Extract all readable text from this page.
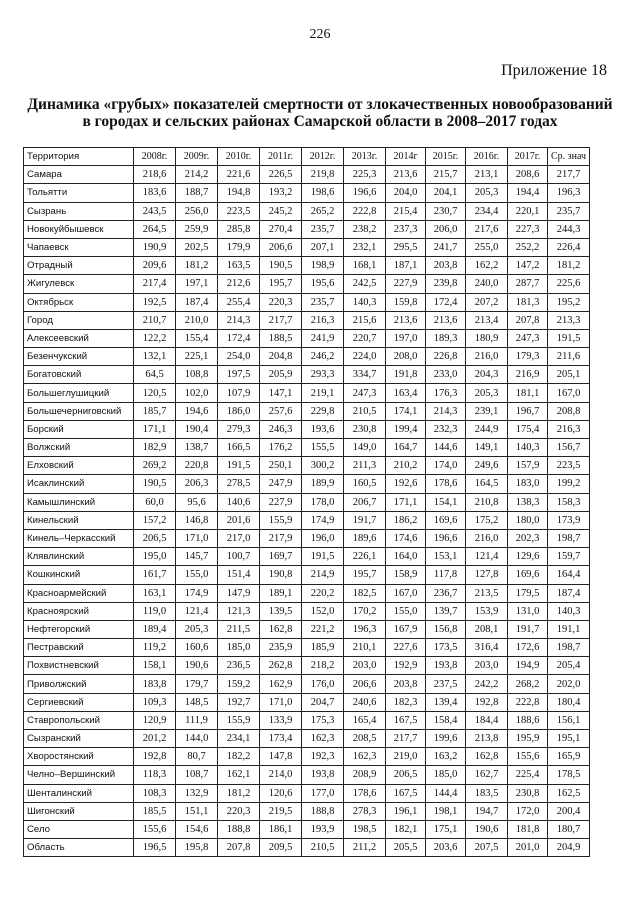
226
Приложение 18
Динамика «грубых» показателей смертности от злокачественных новообразований
в городах и сельских районах Самарской области в 2008–2017 годах
Территория	2008г.	2009г.	2010г.	2011г.	2012г.	2013г.	2014г	2015г.	2016г.	2017г.	Ср. знач
Самара	218,6	214,2	221,6	226,5	219,8	225,3	213,6	215,7	213,1	208,6	217,7
Тольятти	183,6	188,7	194,8	193,2	198,6	196,6	204,0	204,1	205,3	194,4	196,3
Сызрань	243,5	256,0	223,5	245,2	265,2	222,8	215,4	230,7	234,4	220,1	235,7
Новокуйбышевск	264,5	259,9	285,8	270,4	235,7	238,2	237,3	206,0	217,6	227,3	244,3
Чапаевск	190,9	202,5	179,9	206,6	207,1	232,1	295,5	241,7	255,0	252,2	226,4
Отрадный	209,6	181,2	163,5	190,5	198,9	168,1	187,1	203,8	162,2	147,2	181,2
Жигулевск	217,4	197,1	212,6	195,7	195,6	242,5	227,9	239,8	240,0	287,7	225,6
Октябрьск	192,5	187,4	255,4	220,3	235,7	140,3	159,8	172,4	207,2	181,3	195,2
Город	210,7	210,0	214,3	217,7	216,3	215,6	213,6	213,6	213,4	207,8	213,3
Алексеевский	122,2	155,4	172,4	188,5	241,9	220,7	197,0	189,3	180,9	247,3	191,5
Безенчукский	132,1	225,1	254,0	204,8	246,2	224,0	208,0	226,8	216,0	179,3	211,6
Богатовский	64,5	108,8	197,5	205,9	293,3	334,7	191,8	233,0	204,3	216,9	205,1
Большеглушицкий	120,5	102,0	107,9	147,1	219,1	247,3	163,4	176,3	205,3	181,1	167,0
Большечерниговский	185,7	194,6	186,0	257,6	229,8	210,5	174,1	214,3	239,1	196,7	208,8
Борский	171,1	190,4	279,3	246,3	193,6	230,8	199,4	232,3	244,9	175,4	216,3
Волжский	182,9	138,7	166,5	176,2	155,5	149,0	164,7	144,6	149,1	140,3	156,7
Елховский	269,2	220,8	191,5	250,1	300,2	211,3	210,2	174,0	249,6	157,9	223,5
Исаклинский	190,5	206,3	278,5	247,9	189,9	160,5	192,6	178,6	164,5	183,0	199,2
Камышлинский	60,0	95,6	140,6	227,9	178,0	206,7	171,1	154,1	210,8	138,3	158,3
Кинельский	157,2	146,8	201,6	155,9	174,9	191,7	186,2	169,6	175,2	180,0	173,9
Кинель–Черкасский	206,5	171,0	217,0	217,9	196,0	189,6	174,6	196,6	216,0	202,3	198,7
Клявлинский	195,0	145,7	100,7	169,7	191,5	226,1	164,0	153,1	121,4	129,6	159,7
Кошкинский	161,7	155,0	151,4	190,8	214,9	195,7	158,9	117,8	127,8	169,6	164,4
Красноармейский	163,1	174,9	147,9	189,1	220,2	182,5	167,0	236,7	213,5	179,5	187,4
Красноярский	119,0	121,4	121,3	139,5	152,0	170,2	155,0	139,7	153,9	131,0	140,3
Нефтегорский	189,4	205,3	211,5	162,8	221,2	196,3	167,9	156,8	208,1	191,7	191,1
Пестравский	119,2	160,6	185,0	235,9	185,9	210,1	227,6	173,5	316,4	172,6	198,7
Похвистневский	158,1	190,6	236,5	262,8	218,2	203,0	192,9	193,8	203,0	194,9	205,4
Приволжский	183,8	179,7	159,2	162,9	176,0	206,6	203,8	237,5	242,2	268,2	202,0
Сергиевский	109,3	148,5	192,7	171,0	204,7	240,6	182,3	139,4	192,8	222,8	180,4
Ставропольский	120,9	111,9	155,9	133,9	175,3	165,4	167,5	158,4	184,4	188,6	156,1
Сызранский	201,2	144,0	234,1	173,4	162,3	208,5	217,7	199,6	213,8	195,9	195,1
Хворостянский	192,8	80,7	182,2	147,8	192,3	162,3	219,0	163,2	162,8	155,6	165,9
Челно–Вершинский	118,3	108,7	162,1	214,0	193,8	208,9	206,5	185,0	162,7	225,4	178,5
Шенталинский	108,3	132,9	181,2	120,6	177,0	178,6	167,5	144,4	183,5	230,8	162,5
Шигонский	185,5	151,1	220,3	219,5	188,8	278,3	196,1	198,1	194,7	172,0	200,4
Село	155,6	154,6	188,8	186,1	193,9	198,5	182,1	175,1	190,6	181,8	180,7
Область	196,5	195,8	207,8	209,5	210,5	211,2	205,5	203,6	207,5	201,0	204,9
